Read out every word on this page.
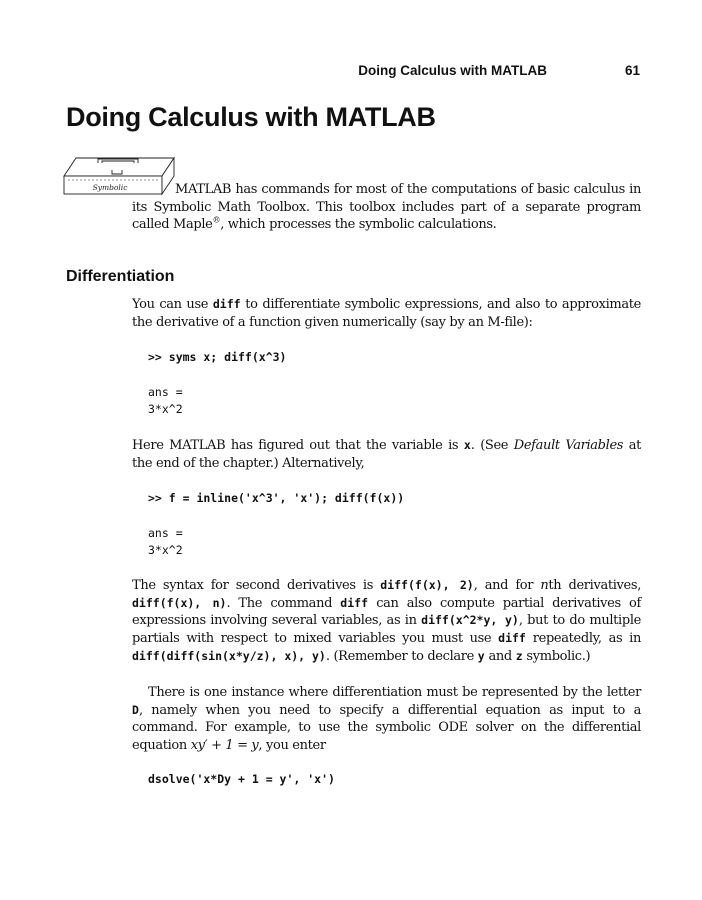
Doing Calculus with MATLAB	61
Doing Calculus with MATLAB
Symbolic	MATLAB has commands for most of the computations of basic calculus in its Symbolic Math Toolbox. This toolbox includes part of a separate program called Maple®, which processes the symbolic calculations.

Differentiation

You can use diff to differentiate symbolic expressions, and also to approximate the derivative of a function given numerically (say by an M-file):

>> syms x; diff(x^3)

ans =
3*x^2

Here MATLAB has figured out that the variable is x. (See Default Variables at the end of the chapter.) Alternatively,

>> f = inline('x^3', 'x'); diff(f(x))

ans =
3*x^2

The syntax for second derivatives is diff(f(x), 2), and for nth derivatives, diff(f(x), n). The command diff can also compute partial derivatives of expressions involving several variables, as in diff(x^2*y, y), but to do multiple partials with respect to mixed variables you must use diff repeatedly, as in diff(diff(sin(x*y/z), x), y). (Remember to declare y and z symbolic.)

There is one instance where differentiation must be represented by the letter D, namely when you need to specify a differential equation as input to a command. For example, to use the symbolic ODE solver on the differential equation xy′ + 1 = y, you enter

dsolve('x*Dy + 1 = y', 'x')
